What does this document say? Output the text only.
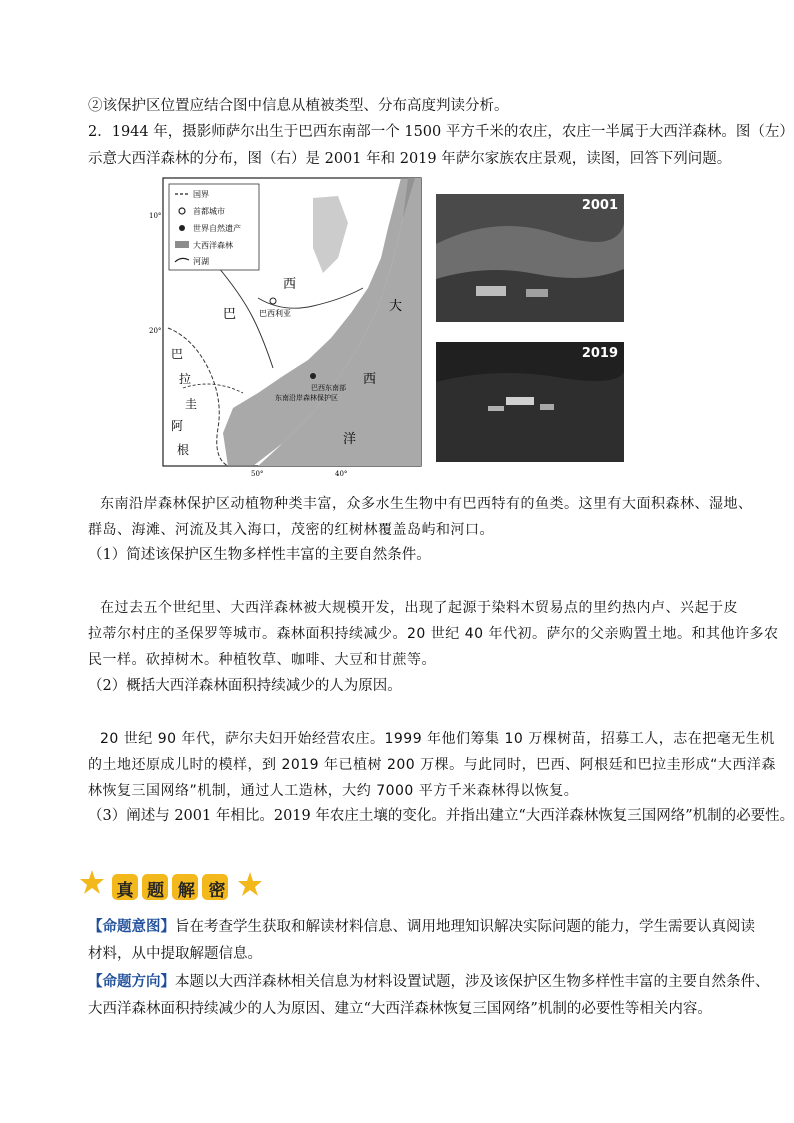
②该保护区位置应结合图中信息从植被类型、分布高度判读分析。
2．1944 年，摄影师萨尔出生于巴西东南部一个 1500 平方千米的农庄，农庄一半属于大西洋森林。图（左）
示意大西洋森林的分布，图（右）是 2001 年和 2019 年萨尔家族农庄景观，读图，回答下列问题。
国界
首都城市
世界自然遗产
大西洋森林
河湖
10°
20°
50°	40°
巴
西
巴西利亚
巴
拉
圭
阿
根
大
西
洋
巴西东南部
东南沿岸森林保护区
2001
2019
东南沿岸森林保护区动植物种类丰富，众多水生生物中有巴西特有的鱼类。这里有大面积森林、湿地、
群岛、海滩、河流及其入海口，茂密的红树林覆盖岛屿和河口。
（1）简述该保护区生物多样性丰富的主要自然条件。
在过去五个世纪里、大西洋森林被大规模开发，出现了起源于染料木贸易点的里约热内卢、兴起于皮
拉蒂尔村庄的圣保罗等城市。森林面积持续减少。20 世纪 40 年代初。萨尔的父亲购置土地。和其他许多农
民一样。砍掉树木。种植牧草、咖啡、大豆和甘蔗等。
（2）概括大西洋森林面积持续减少的人为原因。
20 世纪 90 年代，萨尔夫妇开始经营农庄。1999 年他们筹集 10 万棵树苗，招募工人，志在把毫无生机
的土地还原成儿时的模样，到 2019 年已植树 200 万棵。与此同时，巴西、阿根廷和巴拉圭形成“大西洋森
林恢复三国网络”机制，通过人工造林，大约 7000 平方千米森林得以恢复。
（3）阐述与 2001 年相比。2019 年农庄土壤的变化。并指出建立“大西洋森林恢复三国网络”机制的必要性。
真 题 解 密
【命题意图】旨在考查学生获取和解读材料信息、调用地理知识解决实际问题的能力，学生需要认真阅读
材料，从中提取解题信息。
【命题方向】本题以大西洋森林相关信息为材料设置试题，涉及该保护区生物多样性丰富的主要自然条件、
大西洋森林面积持续减少的人为原因、建立“大西洋森林恢复三国网络”机制的必要性等相关内容。
